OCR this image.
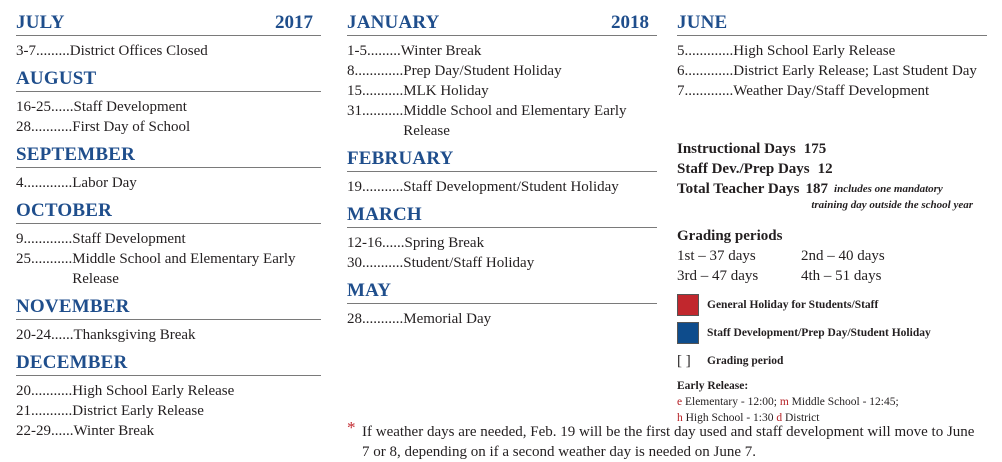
JULY	2017
3-7 ......... District Offices Closed
AUGUST
16-25 ...... Staff Development
28 ........... First Day of School
SEPTEMBER
4 ............. Labor Day
OCTOBER
9 ............. Staff Development
25 ........... Middle School and Elementary Early Release
NOVEMBER
20-24 ...... Thanksgiving Break
DECEMBER
20 ........... High School Early Release
21 ........... District Early Release
22-29 ...... Winter Break
JANUARY	2018
1-5 ......... Winter Break
8 ............. Prep Day/Student Holiday
15 ........... MLK Holiday
31 ........... Middle School and Elementary Early Release
FEBRUARY
19 ........... Staff Development/Student Holiday
MARCH
12-16 ...... Spring Break
30 ........... Student/Staff Holiday
MAY
28 ........... Memorial Day
JUNE
5 ............. High School Early Release
6 ............. District Early Release; Last Student Day
7 ............. Weather Day/Staff Development
Instructional Days 175
Staff Dev./Prep Days 12
Total Teacher Days 187 includes one mandatory
training day outside the school year
Grading periods
1st – 37 days	2nd – 40 days
3rd – 47 days	4th – 51 days
General Holiday for Students/Staff
Staff Development/Prep Day/Student Holiday
[ ]	Grading period
Early Release:
e Elementary - 12:00; m Middle School - 12:45;
h High School - 1:30 d District
* If weather days are needed, Feb. 19 will be the first day used and staff development will move to June 7 or 8, depending on if a second weather day is needed on June 7.
